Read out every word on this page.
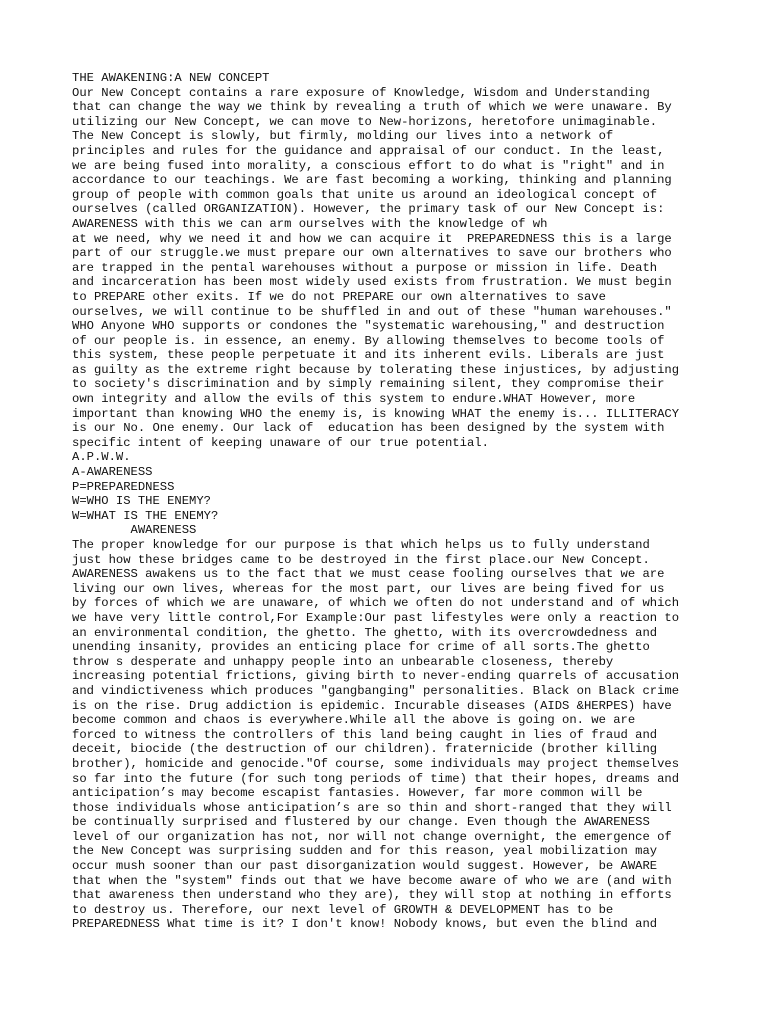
THE AWAKENING:A NEW CONCEPT
Our New Concept contains a rare exposure of Knowledge, Wisdom and Understanding
that can change the way we think by revealing a truth of which we were unaware. By
utilizing our New Concept, we can move to New-horizons, heretofore unimaginable.
The New Concept is slowly, but firmly, molding our lives into a network of
principles and rules for the guidance and appraisal of our conduct. In the least,
we are being fused into morality, a conscious effort to do what is "right" and in
accordance to our teachings. We are fast becoming a working, thinking and planning
group of people with common goals that unite us around an ideological concept of
ourselves (called ORGANIZATION). However, the primary task of our New Concept is:
AWARENESS with this we can arm ourselves with the knowledge of wh
at we need, why we need it and how we can acquire it  PREPAREDNESS this is a large
part of our struggle.we must prepare our own alternatives to save our brothers who
are trapped in the pental warehouses without a purpose or mission in life. Death
and incarceration has been most widely used exists from frustration. We must begin
to PREPARE other exits. If we do not PREPARE our own alternatives to save
ourselves, we will continue to be shuffled in and out of these "human warehouses."
WHO Anyone WHO supports or condones the "systematic warehousing," and destruction
of our people is. in essence, an enemy. By allowing themselves to become tools of
this system, these people perpetuate it and its inherent evils. Liberals are just
as guilty as the extreme right because by tolerating these injustices, by adjusting
to society's discrimination and by simply remaining silent, they compromise their
own integrity and allow the evils of this system to endure.WHAT However, more
important than knowing WHO the enemy is, is knowing WHAT the enemy is... ILLITERACY
is our No. One enemy. Our lack of  education has been designed by the system with
specific intent of keeping unaware of our true potential.
A.P.W.W.
A-AWARENESS
P=PREPAREDNESS
W=WHO IS THE ENEMY?
W=WHAT IS THE ENEMY?
AWARENESS
The proper knowledge for our purpose is that which helps us to fully understand
just how these bridges came to be destroyed in the first place.our New Concept.
AWARENESS awakens us to the fact that we must cease fooling ourselves that we are
living our own lives, whereas for the most part, our lives are being fived for us
by forces of which we are unaware, of which we often do not understand and of which
we have very little control,For Example:Our past lifestyles were only a reaction to
an environmental condition, the ghetto. The ghetto, with its overcrowdedness and
unending insanity, provides an enticing place for crime of all sorts.The ghetto
throw s desperate and unhappy people into an unbearable closeness, thereby
increasing potential frictions, giving birth to never-ending quarrels of accusation
and vindictiveness which produces "gangbanging" personalities. Black on Black crime
is on the rise. Drug addiction is epidemic. Incurable diseases (AIDS &HERPES) have
become common and chaos is everywhere.While all the above is going on. we are
forced to witness the controllers of this land being caught in lies of fraud and
deceit, biocide (the destruction of our children). fraternicide (brother killing
brother), homicide and genocide."Of course, some individuals may project themselves
so far into the future (for such tong periods of time) that their hopes, dreams and
anticipation’s may become escapist fantasies. However, far more common will be
those individuals whose anticipation’s are so thin and short-ranged that they will
be continually surprised and flustered by our change. Even though the AWARENESS
level of our organization has not, nor will not change overnight, the emergence of
the New Concept was surprising sudden and for this reason, yeal mobilization may
occur mush sooner than our past disorganization would suggest. However, be AWARE
that when the "system" finds out that we have become aware of who we are (and with
that awareness then understand who they are), they will stop at nothing in efforts
to destroy us. Therefore, our next level of GROWTH & DEVELOPMENT has to be
PREPAREDNESS What time is it? I don't know! Nobody knows, but even the blind and
